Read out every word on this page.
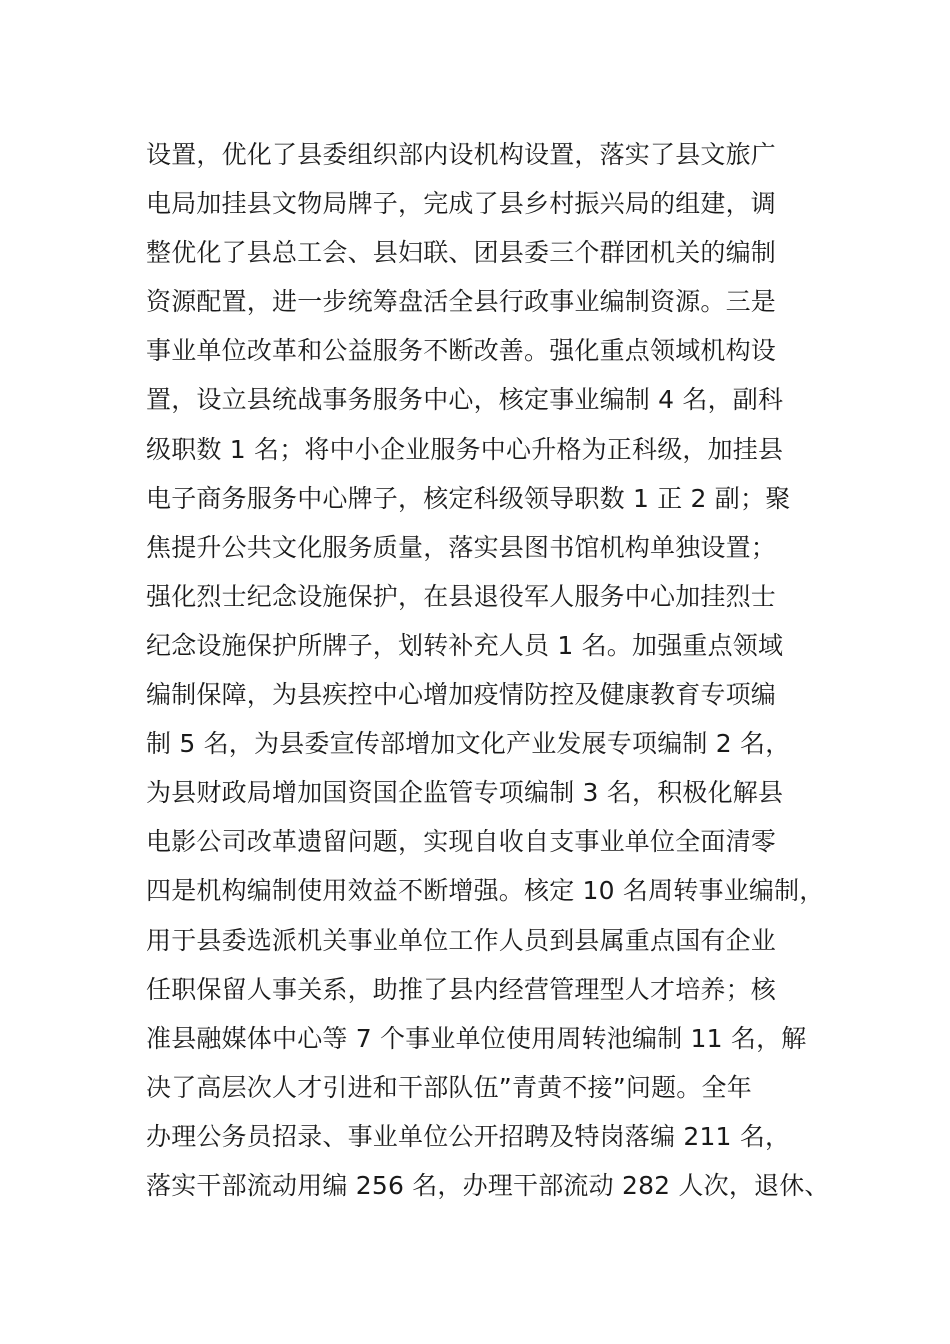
设置，优化了县委组织部内设机构设置，落实了县文旅广
电局加挂县文物局牌子，完成了县乡村振兴局的组建，调
整优化了县总工会、县妇联、团县委三个群团机关的编制
资源配置，进一步统筹盘活全县行政事业编制资源。三是
事业单位改革和公益服务不断改善。强化重点领域机构设
置，设立县统战事务服务中心，核定事业编制 4 名，副科
级职数 1 名；将中小企业服务中心升格为正科级，加挂县
电子商务服务中心牌子，核定科级领导职数 1 正 2 副；聚
焦提升公共文化服务质量，落实县图书馆机构单独设置；
强化烈士纪念设施保护，在县退役军人服务中心加挂烈士
纪念设施保护所牌子，划转补充人员 1 名。加强重点领域
编制保障，为县疾控中心增加疫情防控及健康教育专项编
制 5 名，为县委宣传部增加文化产业发展专项编制 2 名，
为县财政局增加国资国企监管专项编制 3 名，积极化解县
电影公司改革遗留问题，实现自收自支事业单位全面清零
四是机构编制使用效益不断增强。核定 10 名周转事业编制，
用于县委选派机关事业单位工作人员到县属重点国有企业
任职保留人事关系，助推了县内经营管理型人才培养；核
准县融媒体中心等 7 个事业单位使用周转池编制 11 名，解
决了高层次人才引进和干部队伍”青黄不接”问题。全年
办理公务员招录、事业单位公开招聘及特岗落编 211 名，
落实干部流动用编 256 名，办理干部流动 282 人次，退休、
